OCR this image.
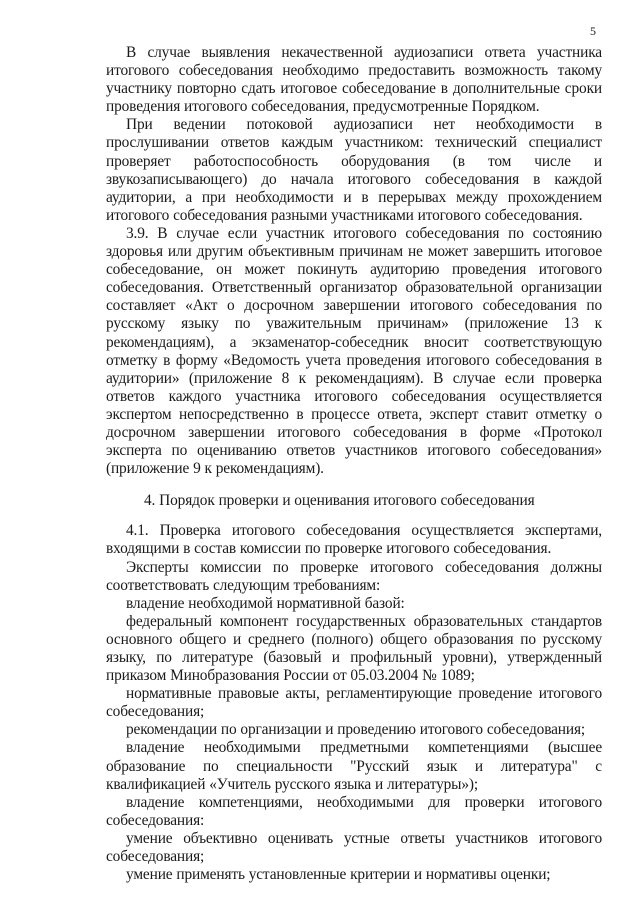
5

В случае выявления некачественной аудиозаписи ответа участника итогового собеседования необходимо предоставить возможность такому участнику повторно сдать итоговое собеседование в дополнительные сроки проведения итогового собеседования, предусмотренные Порядком.

При ведении потоковой аудиозаписи нет необходимости в прослушивании ответов каждым участником: технический специалист проверяет работоспособность оборудования (в том числе и звукозаписывающего) до начала итогового собеседования в каждой аудитории, а при необходимости и в перерывах между прохождением итогового собеседования разными участниками итогового собеседования.

3.9. В случае если участник итогового собеседования по состоянию здоровья или другим объективным причинам не может завершить итоговое собеседование, он может покинуть аудиторию проведения итогового собеседования. Ответственный организатор образовательной организации составляет «Акт о досрочном завершении итогового собеседования по русскому языку по уважительным причинам» (приложение 13 к рекомендациям), а экзаменатор-собеседник вносит соответствующую отметку в форму «Ведомость учета проведения итогового собеседования в аудитории» (приложение 8 к рекомендациям). В случае если проверка ответов каждого участника итогового собеседования осуществляется экспертом непосредственно в процессе ответа, эксперт ставит отметку о досрочном завершении итогового собеседования в форме «Протокол эксперта по оцениванию ответов участников итогового собеседования» (приложение 9 к рекомендациям).

4. Порядок проверки и оценивания итогового собеседования

4.1. Проверка итогового собеседования осуществляется экспертами, входящими в состав комиссии по проверке итогового собеседования.

Эксперты комиссии по проверке итогового собеседования должны соответствовать следующим требованиям:

владение необходимой нормативной базой:

федеральный компонент государственных образовательных стандартов основного общего и среднего (полного) общего образования по русскому языку, по литературе (базовый и профильный уровни), утвержденный приказом Минобразования России от 05.03.2004 № 1089;

нормативные правовые акты, регламентирующие проведение итогового собеседования;

рекомендации по организации и проведению итогового собеседования;

владение необходимыми предметными компетенциями (высшее образование по специальности "Русский язык и литература" с квалификацией «Учитель русского языка и литературы»);

владение компетенциями, необходимыми для проверки итогового собеседования:

умение объективно оценивать устные ответы участников итогового собеседования;

умение применять установленные критерии и нормативы оценки;
